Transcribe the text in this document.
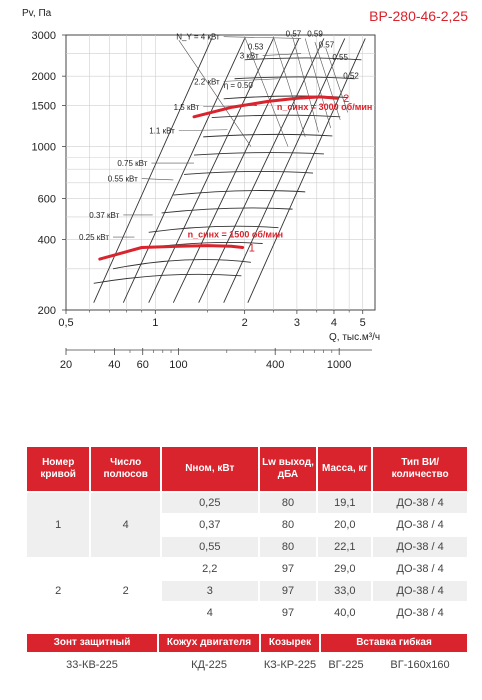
3000
2000
1500
1000
600
400
200
0,5	1	2	3	4 5
20	40 60 100	400	1000
N_Y = 4 кВт
3 кВт
2.2 кВт
1.5 кВт
1.1 кВт
0.75 кВт
0.55 кВт
0.37 кВт
0.25 кВт
η = 0.50
0.53
0.57 0.59
0.57
0.55
0.52
1
n_синх = 1500 об/мин
2
n_синх = 3000 об/мин
ВР-280-46-2,25
Pv, Па
Q, тыс.м³/ч
Номер кривой	Число полюсов	Nном, кВт	Lw выход, дБА	Масса, кг	Тип ВИ/ количество
1	4	0,25	80	19,1	ДО-38 / 4
		0,37	80	20,0	ДО-38 / 4
		0,55	80	22,1	ДО-38 / 4
2	2	2,2	97	29,0	ДО-38 / 4
		3	97	33,0	ДО-38 / 4
		4	97	40,0	ДО-38 / 4
Зонт защитный	Кожух двигателя	Козырек	Вставка гибкая	
33-КВ-225	КД-225	КЗ-КР-225	ВГ-225	ВГ-160х160
